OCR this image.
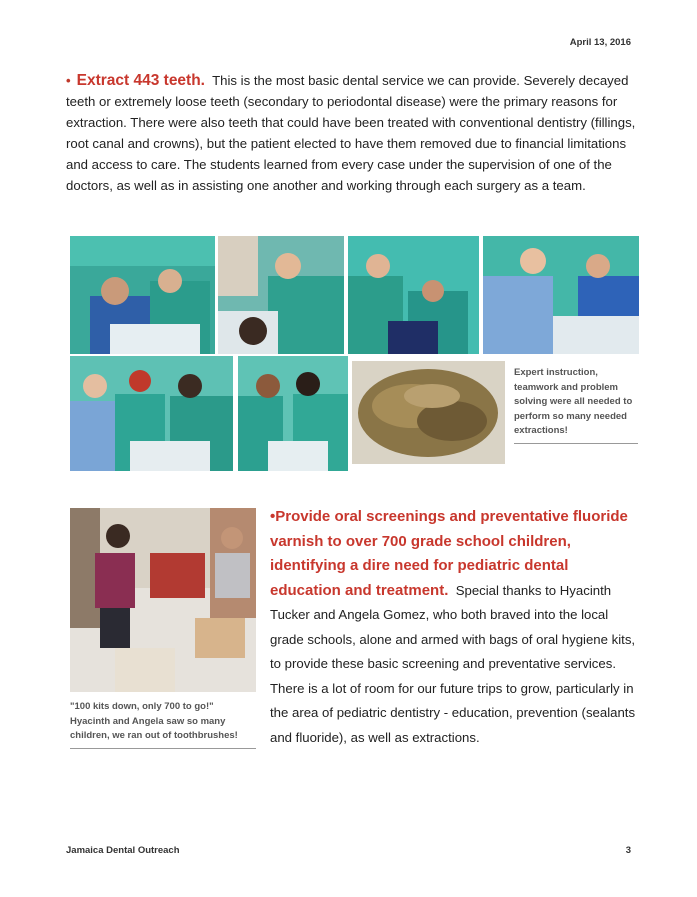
April 13, 2016
• Extract 443 teeth. This is the most basic dental service we can provide. Severely decayed teeth or extremely loose teeth (secondary to periodontal disease) were the primary reasons for extraction. There were also teeth that could have been treated with conventional dentistry (fillings, root canal and crowns), but the patient elected to have them removed due to financial limitations and access to care. The students learned from every case under the supervision of one of the doctors, as well as in assisting one another and working through each surgery as a team.
Expert instruction, teamwork and problem solving were all needed to perform so many needed extractions!
"100 kits down, only 700 to go!" Hyacinth and Angela saw so many children, we ran out of toothbrushes!
•Provide oral screenings and preventative fluoride varnish to over 700 grade school children, identifying a dire need for pediatric dental education and treatment. Special thanks to Hyacinth Tucker and Angela Gomez, who both braved into the local grade schools, alone and armed with bags of oral hygiene kits, to provide these basic screening and preventative services. There is a lot of room for our future trips to grow, particularly in the area of pediatric dentistry - education, prevention (sealants and fluoride), as well as extractions.
Jamaica Dental Outreach	3
